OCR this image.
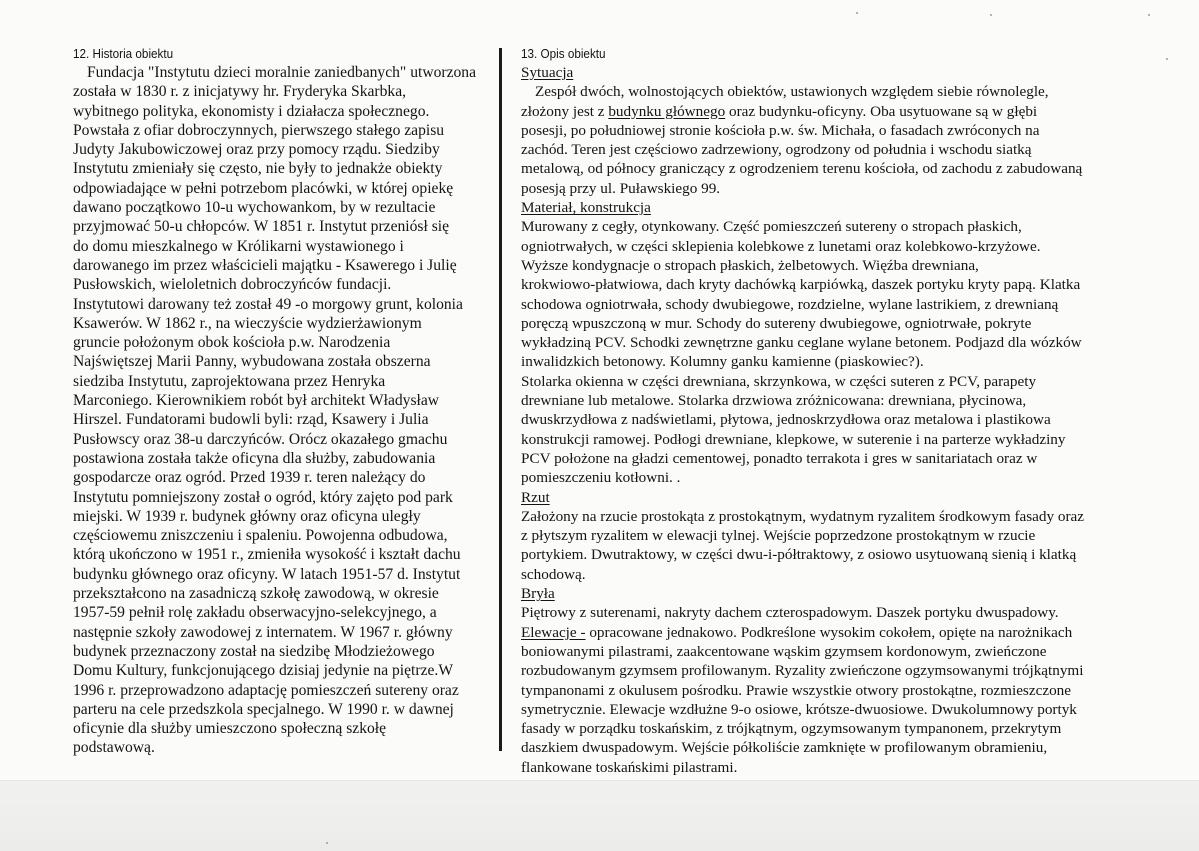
12. Historia obiektu
Fundacja "Instytutu dzieci moralnie zaniedbanych" utworzona
została w 1830 r. z inicjatywy hr. Fryderyka Skarbka,
wybitnego polityka, ekonomisty i działacza społecznego.
Powstała z ofiar dobroczynnych, pierwszego stałego zapisu
Judyty Jakubowiczowej oraz przy pomocy rządu. Siedziby
Instytutu zmieniały się często, nie były to jednakże obiekty
odpowiadające w pełni potrzebom placówki, w której opiekę
dawano początkowo 10-u wychowankom, by w rezultacie
przyjmować 50-u chłopców. W 1851 r. Instytut przeniósł się
do domu mieszkalnego w Królikarni wystawionego i
darowanego im przez właścicieli majątku - Ksawerego i Julię
Pusłowskich, wieloletnich dobroczyńców fundacji.
Instytutowi darowany też został 49 -o morgowy grunt, kolonia
Ksawerów. W 1862 r., na wieczyście wydzierżawionym
gruncie położonym obok kościoła p.w. Narodzenia
Najświętszej Marii Panny, wybudowana została obszerna
siedziba Instytutu, zaprojektowana przez Henryka
Marconiego. Kierownikiem robót był architekt Władysław
Hirszel. Fundatorami budowli byli: rząd, Ksawery i Julia
Pusłowscy oraz 38-u darczyńców. Orócz okazałego gmachu
postawiona została także oficyna dla służby, zabudowania
gospodarcze oraz ogród. Przed 1939 r. teren należący do
Instytutu pomniejszony został o ogród, który zajęto pod park
miejski. W 1939 r. budynek główny oraz oficyna uległy
częściowemu zniszczeniu i spaleniu. Powojenna odbudowa,
którą ukończono w 1951 r., zmieniła wysokość i kształt dachu
budynku głównego oraz oficyny. W latach 1951-57 d. Instytut
przekształcono na zasadniczą szkołę zawodową, w okresie
1957-59 pełnił rolę zakładu obserwacyjno-selekcyjnego, a
następnie szkoły zawodowej z internatem. W 1967 r. główny
budynek przeznaczony został na siedzibę Młodzieżowego
Domu Kultury, funkcjonującego dzisiaj jedynie na piętrze.W
1996 r. przeprowadzono adaptację pomieszczeń sutereny oraz
parteru na cele przedszkola specjalnego. W 1990 r. w dawnej
oficynie dla służby umieszczono społeczną szkołę
podstawową.
13. Opis obiektu
Sytuacja
Zespół dwóch, wolnostojących obiektów, ustawionych względem siebie równolegle,
złożony jest z budynku głównego oraz budynku-oficyny. Oba usytuowane są w głębi
posesji, po południowej stronie kościoła p.w. św. Michała, o fasadach zwróconych na
zachód. Teren jest częściowo zadrzewiony, ogrodzony od południa i wschodu siatką
metalową, od północy graniczący z ogrodzeniem terenu kościoła, od zachodu z zabudowaną
posesją przy ul. Puławskiego 99.
Materiał, konstrukcja
Murowany z cegły, otynkowany. Część pomieszczeń sutereny o stropach płaskich,
ogniotrwałych, w części sklepienia kolebkowe z lunetami oraz kolebkowo-krzyżowe.
Wyższe kondygnacje o stropach płaskich, żelbetowych. Więźba drewniana,
krokwiowo-płatwiowa, dach kryty dachówką karpiówką, daszek portyku kryty papą. Klatka
schodowa ogniotrwała, schody dwubiegowe, rozdzielne, wylane lastrikiem, z drewnianą
poręczą wpuszczoną w mur. Schody do sutereny dwubiegowe, ogniotrwałe, pokryte
wykładziną PCV. Schodki zewnętrzne ganku ceglane wylane betonem. Podjazd dla wózków
inwalidzkich betonowy. Kolumny ganku kamienne (piaskowiec?).
Stolarka okienna w części drewniana, skrzynkowa, w części suteren z PCV, parapety
drewniane lub metalowe. Stolarka drzwiowa zróżnicowana: drewniana, płycinowa,
dwuskrzydłowa z nadświetlami, płytowa, jednoskrzydłowa oraz metalowa i plastikowa
konstrukcji ramowej. Podłogi drewniane, klepkowe, w suterenie i na parterze wykładziny
PCV położone na gładzi cementowej, ponadto terrakota i gres w sanitariatach oraz w
pomieszczeniu kotłowni. .
Rzut
Założony na rzucie prostokąta z prostokątnym, wydatnym ryzalitem środkowym fasady oraz
z płytszym ryzalitem w elewacji tylnej. Wejście poprzedzone prostokątnym w rzucie
portykiem. Dwutraktowy, w części dwu-i-półtraktowy, z osiowo usytuowaną sienią i klatką
schodową.
Bryła
Piętrowy z suterenami, nakryty dachem czterospadowym. Daszek portyku dwuspadowy.
Elewacje - opracowane jednakowo. Podkreślone wysokim cokołem, opięte na narożnikach
boniowanymi pilastrami, zaakcentowane wąskim gzymsem kordonowym, zwieńczone
rozbudowanym gzymsem profilowanym. Ryzality zwieńczone ogzymsowanymi trójkątnymi
tympanonami z okulusem pośrodku. Prawie wszystkie otwory prostokątne, rozmieszczone
symetrycznie. Elewacje wzdłużne 9-o osiowe, krótsze-dwuosiowe. Dwukolumnowy portyk
fasady w porządku toskańskim, z trójkątnym, ogzymsowanym tympanonem, przekrytym
daszkiem dwuspadowym. Wejście półkoliście zamknięte w profilowanym obramieniu,
flankowane toskańskimi pilastrami.
